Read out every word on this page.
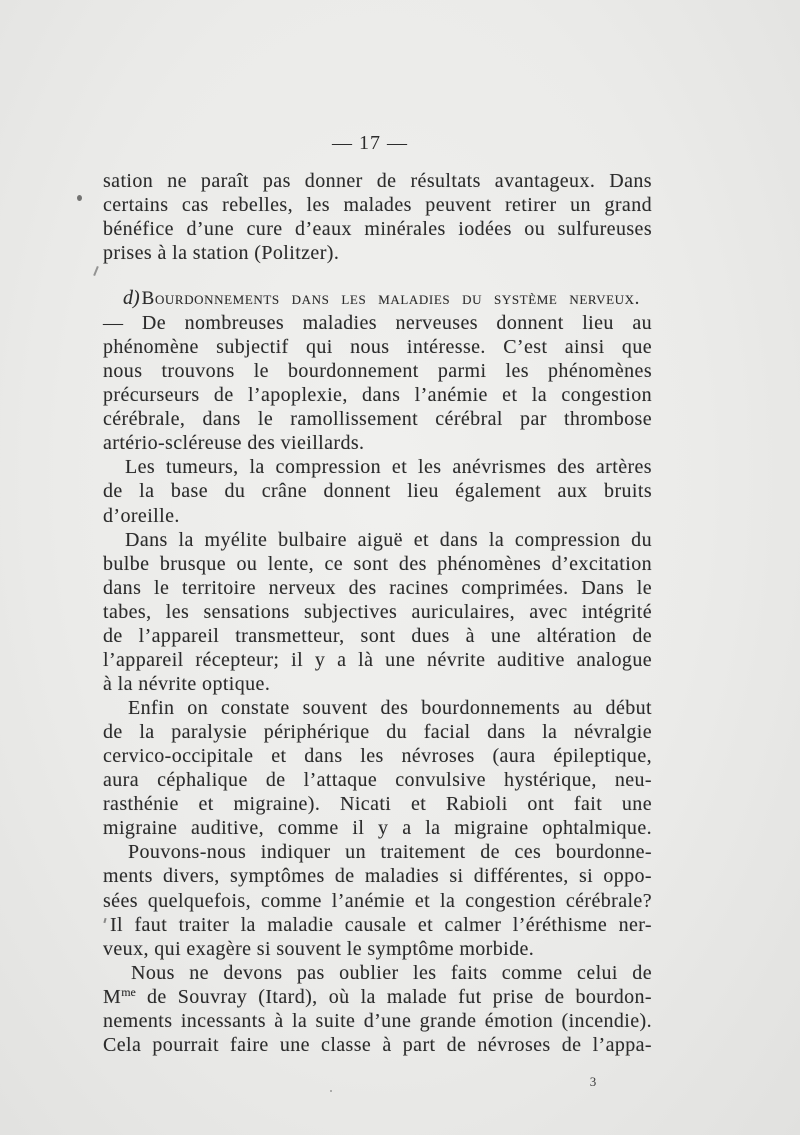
— 17 —
sation ne paraît pas donner de résultats avantageux. Dans
certains cas rebelles, les malades peuvent retirer un grand
bénéfice d’une cure d’eaux minérales iodées ou sulfureuses
prises à la station (Politzer).
d) Bourdonnements dans les maladies du système nerveux.
— De nombreuses maladies nerveuses donnent lieu au
phénomène subjectif qui nous intéresse. C’est ainsi que
nous trouvons le bourdonnement parmi les phénomènes
précurseurs de l’apoplexie, dans l’anémie et la congestion
cérébrale, dans le ramollissement cérébral par thrombose
artério-scléreuse des vieillards.
Les tumeurs, la compression et les anévrismes des artères
de la base du crâne donnent lieu également aux bruits
d’oreille.
Dans la myélite bulbaire aiguë et dans la compression du
bulbe brusque ou lente, ce sont des phénomènes d’excitation
dans le territoire nerveux des racines comprimées. Dans le
tabes, les sensations subjectives auriculaires, avec intégrité
de l’appareil transmetteur, sont dues à une altération de
l’appareil récepteur; il y a là une névrite auditive analogue
à la névrite optique.
Enfin on constate souvent des bourdonnements au début
de la paralysie périphérique du facial dans la névralgie
cervico-occipitale et dans les névroses (aura épileptique,
aura céphalique de l’attaque convulsive hystérique, neu-
rasthénie et migraine). Nicati et Rabioli ont fait une
migraine auditive, comme il y a la migraine ophtalmique.
Pouvons-nous indiquer un traitement de ces bourdonne-
ments divers, symptômes de maladies si différentes, si oppo-
sées quelquefois, comme l’anémie et la congestion cérébrale?
Il faut traiter la maladie causale et calmer l’éréthisme ner-
veux, qui exagère si souvent le symptôme morbide.
Nous ne devons pas oublier les faits comme celui de
$M^{me}$ de Souvray (Itard), où la malade fut prise de bourdon-
nements incessants à la suite d’une grande émotion (incendie).
Cela pourrait faire une classe à part de névroses de l’appa-
3
